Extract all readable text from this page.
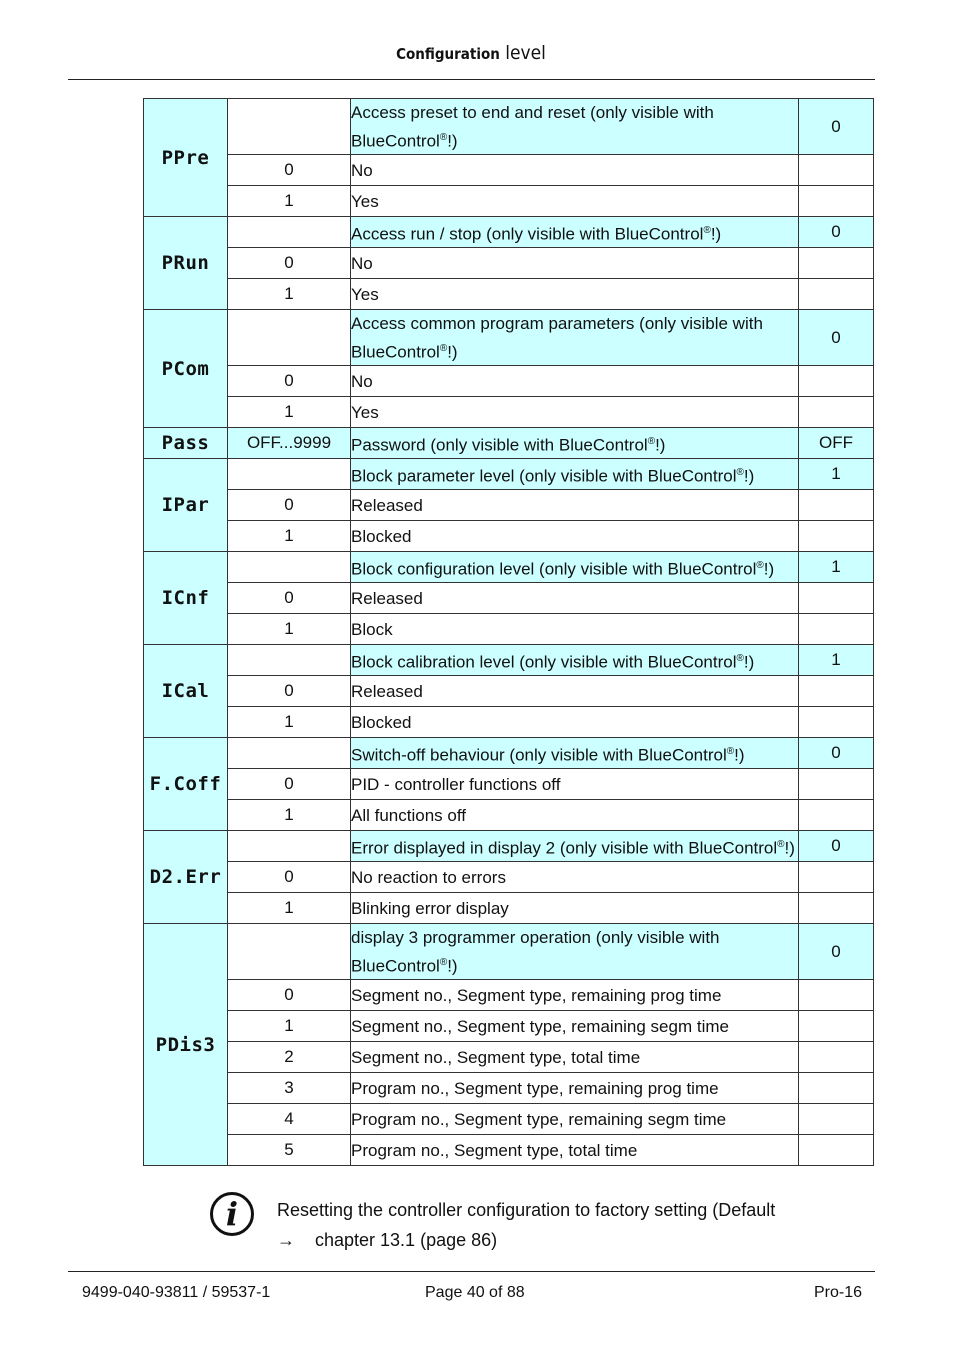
Configuration level
PPre		Access preset to end and reset (only visible with BlueControl®!)	0
	0	No	
	1	Yes	
PRun		Access run / stop (only visible with BlueControl®!)	0
	0	No	
	1	Yes	
PCom		Access common program parameters (only visible with BlueControl®!)	0
	0	No	
	1	Yes	
Pass	OFF...9999	Password (only visible with BlueControl®!)	OFF
IPar		Block parameter level (only visible with BlueControl®!)	1
	0	Released	
	1	Blocked	
ICnf		Block configuration level (only visible with BlueControl®!)	1
	0	Released	
	1	Block	
ICal		Block calibration level (only visible with BlueControl®!)	1
	0	Released	
	1	Blocked	
F.Coff		Switch-off behaviour (only visible with BlueControl®!)	0
	0	PID - controller functions off	
	1	All functions off	
D2.Err		Error displayed in display 2 (only visible with BlueControl®!)	0
	0	No reaction to errors	
	1	Blinking error display	
PDis3		display 3 programmer operation (only visible with BlueControl®!)	0
	0	Segment no., Segment type, remaining prog time	
	1	Segment no., Segment type, remaining segm time	
	2	Segment no., Segment type, total time	
	3	Program no., Segment type, remaining prog time	
	4	Program no., Segment type, remaining segm time	
	5	Program no., Segment type, total time	
i	Resetting the controller configuration to factory setting (Default
→ chapter 13.1 (page 86)
9499-040-93811 / 59537-1	Page 40 of 88	Pro-16
